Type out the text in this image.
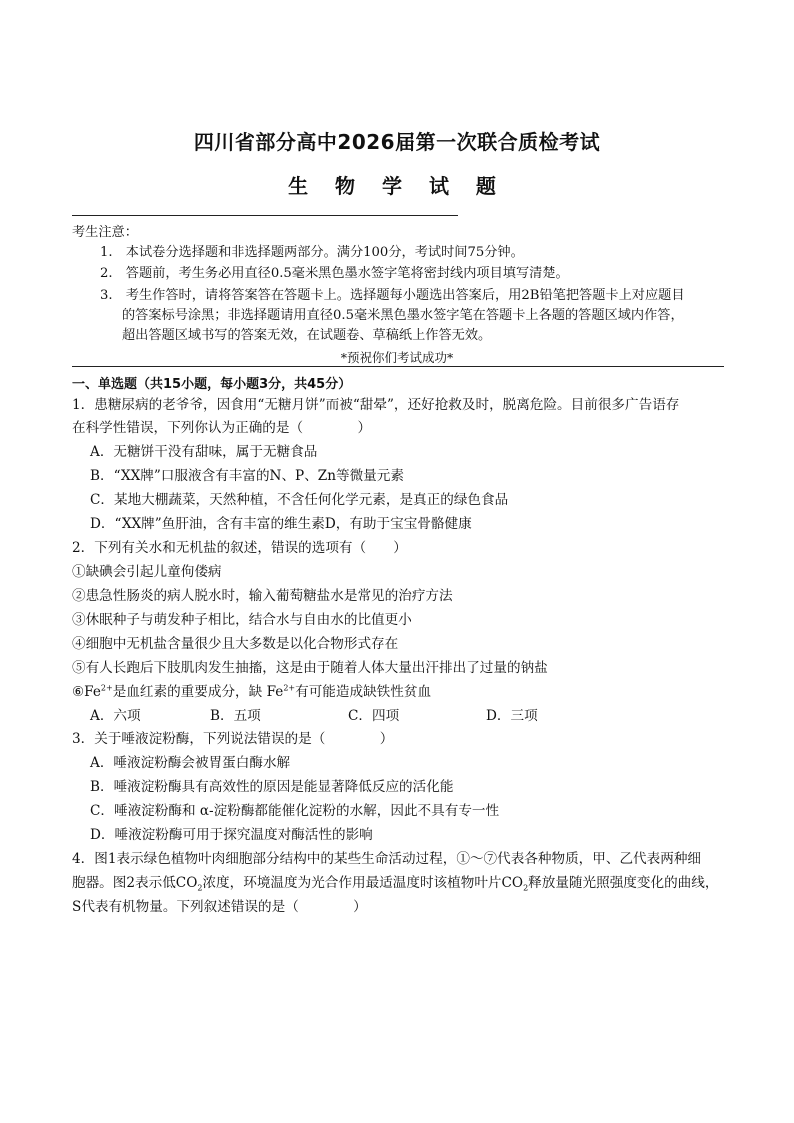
四川省部分高中2026届第一次联合质检考试
生 物 学 试 题
考生注意：
1.　本试卷分选择题和非选择题两部分。满分100分，考试时间75分钟。
2.　答题前，考生务必用直径0.5毫米黑色墨水签字笔将密封线内项目填写清楚。
3.　考生作答时，请将答案答在答题卡上。选择题每小题选出答案后，用2B铅笔把答题卡上对应题目
的答案标号涂黑；非选择题请用直径0.5毫米黑色墨水签字笔在答题卡上各题的答题区域内作答，
超出答题区域书写的答案无效，在试题卷、草稿纸上作答无效。
*预祝你们考试成功*
一、单选题（共15小题，每小题3分，共45分）
1．患糖尿病的老爷爷，因食用“无糖月饼”而被“甜晕”，还好抢救及时，脱离危险。目前很多广告语存
在科学性错误，下列你认为正确的是（　　　　）
A．无糖饼干没有甜味，属于无糖食品
B．“XX牌”口服液含有丰富的N、P、Zn等微量元素
C．某地大棚蔬菜，天然种植，不含任何化学元素，是真正的绿色食品
D．“XX牌”鱼肝油，含有丰富的维生素D，有助于宝宝骨骼健康
2．下列有关水和无机盐的叙述，错误的选项有（　　）
①缺碘会引起儿童佝偻病
②患急性肠炎的病人脱水时，输入葡萄糖盐水是常见的治疗方法
③休眠种子与萌发种子相比，结合水与自由水的比值更小
④细胞中无机盐含量很少且大多数是以化合物形式存在
⑤有人长跑后下肢肌肉发生抽搐，这是由于随着人体大量出汗排出了过量的钠盐
$⑥Fe^{2+}$是血红素的重要成分，缺 $Fe^{2+}$有可能造成缺铁性贫血
A．六项	B．五项	C．四项	D．三项
3．关于唾液淀粉酶，下列说法错误的是（　　　　）
A．唾液淀粉酶会被胃蛋白酶水解
B．唾液淀粉酶具有高效性的原因是能显著降低反应的活化能
C．唾液淀粉酶和 α-淀粉酶都能催化淀粉的水解，因此不具有专一性
D．唾液淀粉酶可用于探究温度对酶活性的影响
4．图1表示绿色植物叶肉细胞部分结构中的某些生命活动过程，①～⑦代表各种物质，甲、乙代表两种细
胞器。图2表示低$CO_2$浓度，环境温度为光合作用最适温度时该植物叶片$CO_2$释放量随光照强度变化的曲线，
S代表有机物量。下列叙述错误的是（　　　　）
